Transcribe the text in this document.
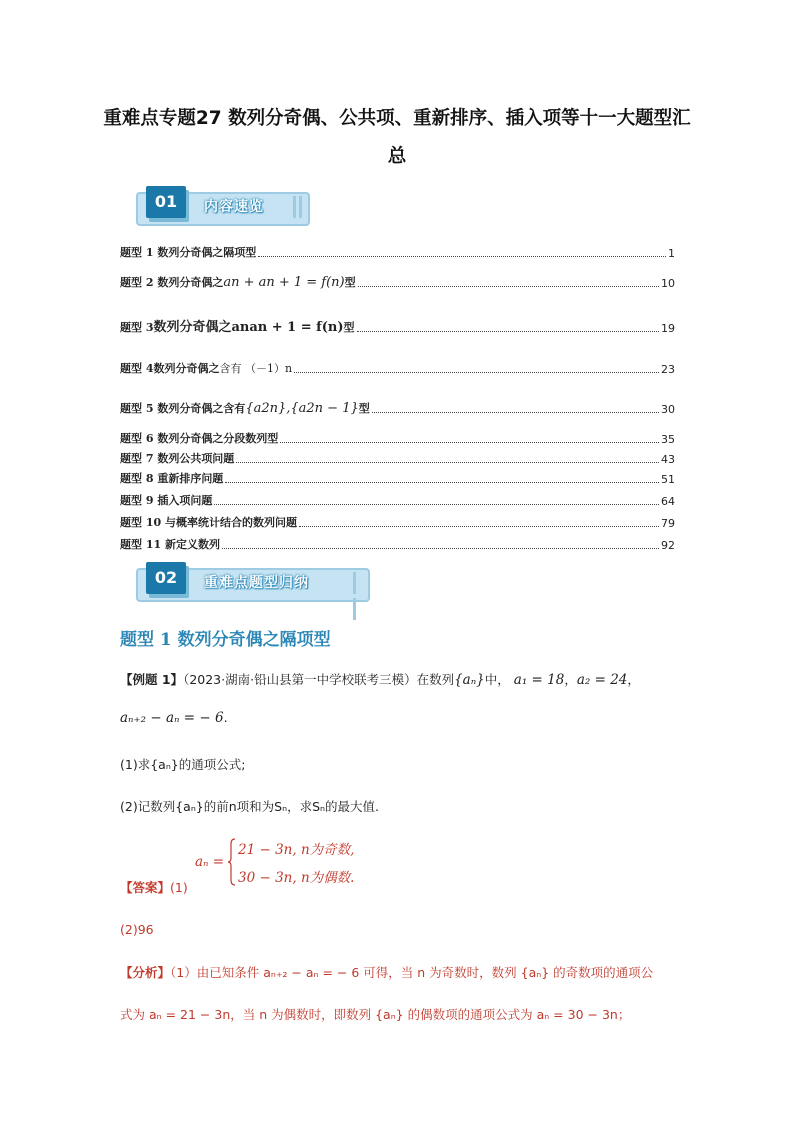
重难点专题27 数列分奇偶、公共项、重新排序、插入项等十一大题型汇总
01	内容速览
题型 1 数列分奇偶之隔项型	1
题型 2 数列分奇偶之 an + an + 1 = f(n) 型	10
题型 3 数列分奇偶之anan + 1 = f(n) 型	19
题型 4 数列分奇偶之 含有 （－1）n	23
题型 5 数列分奇偶之含有 {a2n},{a2n − 1} 型	30
题型 6 数列分奇偶之分段数列型	35
题型 7 数列公共项问题	43
题型 8 重新排序问题	51
题型 9 插入项问题	64
题型 10 与概率统计结合的数列问题	79
题型 11 新定义数列	92
02	重难点题型归纳
题型 1 数列分奇偶之隔项型
【例题 1】（2023·湖南·铅山县第一中学校联考三模）在数列{aₙ}中， a₁ = 18，a₂ = 24，
aₙ₊₂ − aₙ = − 6.
(1)求{aₙ}的通项公式;
(2)记数列{aₙ}的前n项和为Sₙ，求Sₙ的最大值.
aₙ =
21 − 3n, n为奇数,
30 − 3n, n为偶数.
【答案】(1)
(2)96
【分析】（1）由已知条件 aₙ₊₂ − aₙ = − 6 可得，当 n 为奇数时，数列 {aₙ} 的奇数项的通项公
式为 aₙ = 21 − 3n，当 n 为偶数时，即数列 {aₙ} 的偶数项的通项公式为 aₙ = 30 − 3n；
